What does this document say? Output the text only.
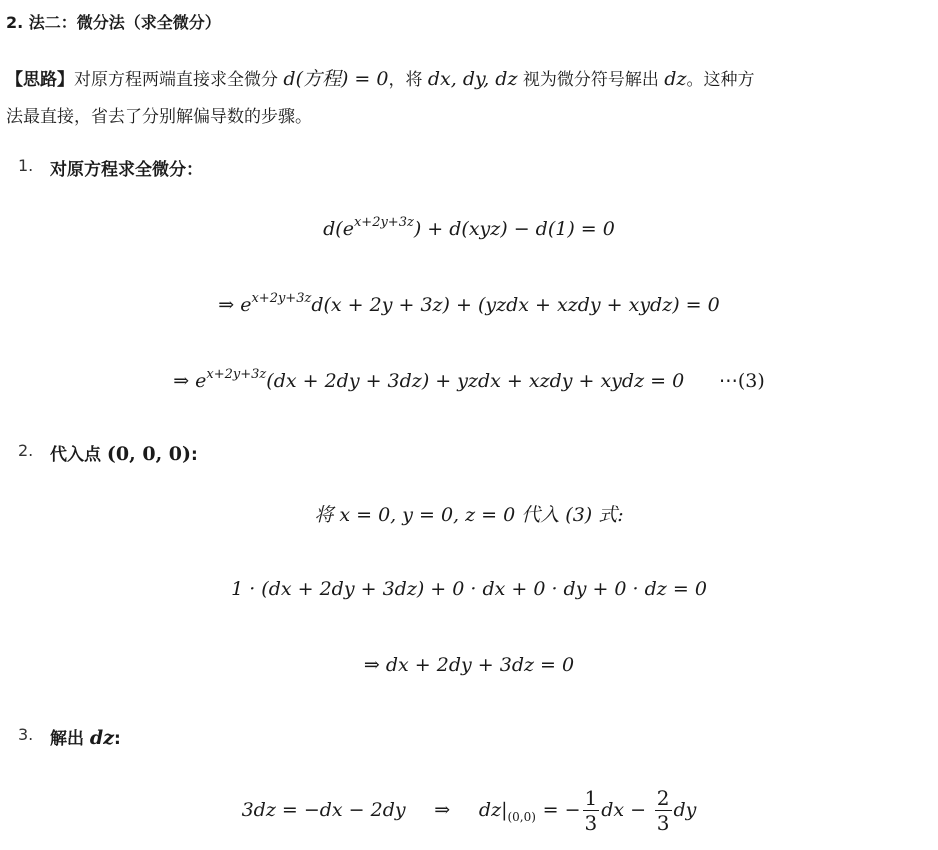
2. 法二：微分法（求全微分）
【思路】对原方程两端直接求全微分 d(方程) = 0，将 dx, dy, dz 视为微分符号解出 dz。这种方
法最直接，省去了分别解偏导数的步骤。
1. 对原方程求全微分：
$d(e^{x+2y+3z}) + d(xyz) - d(1) = 0$
⇒ $e^{x+2y+3z}d(x + 2y + 3z)$ + (yzdx + xzdy + xydz) = 0
⇒ $e^{x+2y+3z}(dx + 2dy + 3dz)$ + yzdx + xzdy + xydz = 0 ⋯(3)
2. 代入点 (0, 0, 0):
将 x = 0, y = 0, z = 0 代入 (3) 式:
1 · (dx + 2dy + 3dz) + 0 · dx + 0 · dy + 0 · dz = 0
⇒ dx + 2dy + 3dz = 0
3. 解出 dz:
3dz = −dx − 2dy ⇒ $dz|_{(0,0)}$ = − $\frac{1}{3}$ dx − $\frac{2}{3}$ dy
